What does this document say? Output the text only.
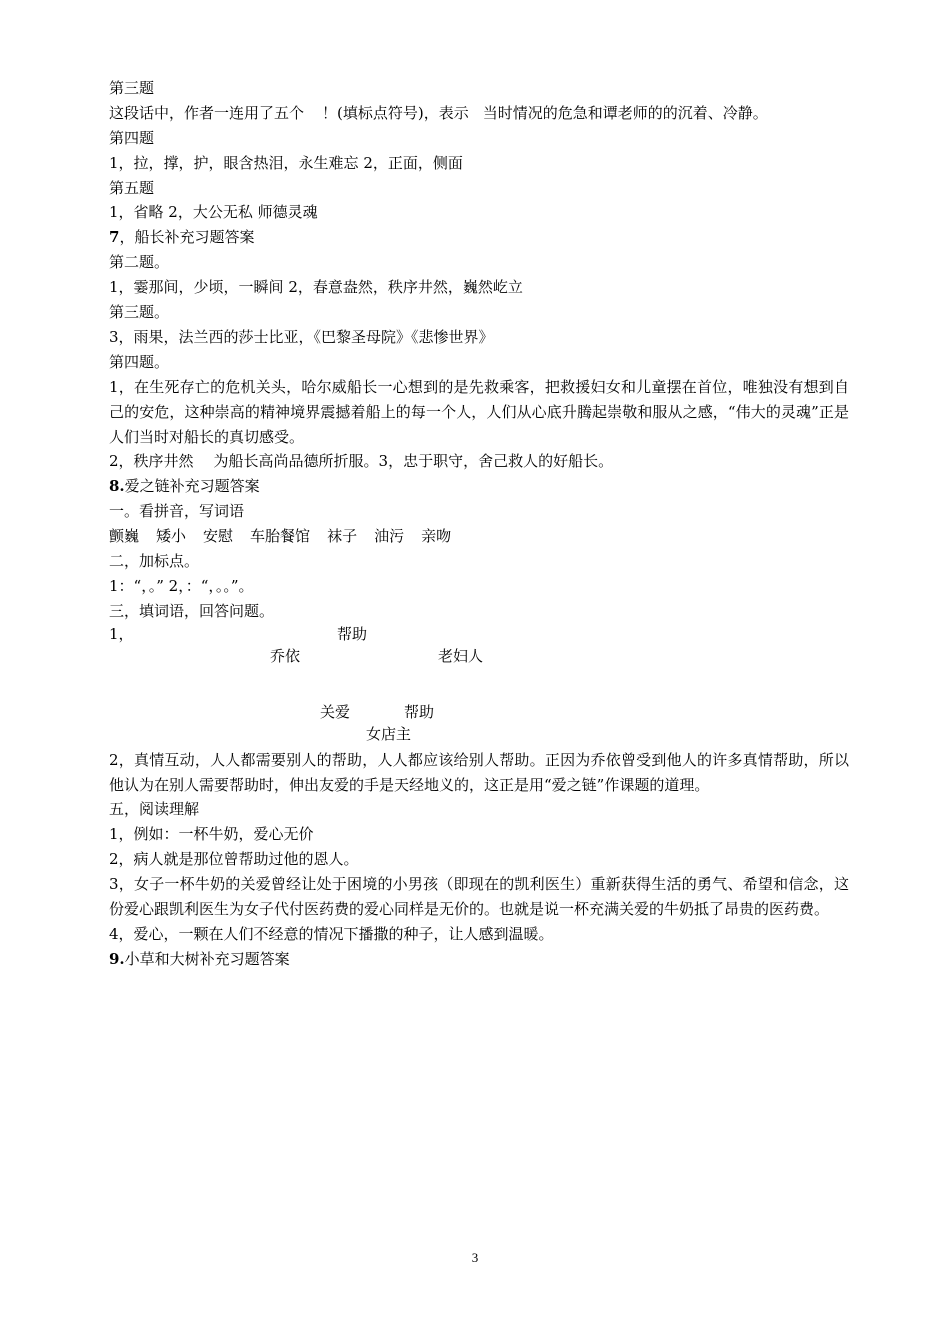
第三题
这段话中，作者一连用了五个 ！(填标点符号)，表示 当时情况的危急和谭老师的的沉着、冷静。
第四题
1，拉，撑，护，眼含热泪，永生难忘 2，正面，侧面
第五题
1，省略 2，大公无私 师德灵魂
7，船长补充习题答案
第二题。
1，霎那间，少顷，一瞬间 2，春意盎然，秩序井然，巍然屹立
第三题。
3，雨果，法兰西的莎士比亚，《巴黎圣母院》《悲惨世界》
第四题。
1，在生死存亡的危机关头，哈尔威船长一心想到的是先救乘客，把救援妇女和儿童摆在首位，唯独没有想到自己的安危，这种崇高的精神境界震撼着船上的每一个人，人们从心底升腾起崇敬和服从之感，“伟大的灵魂”正是人们当时对船长的真切感受。
2，秩序井然 为船长高尚品德所折服。3，忠于职守，舍己救人的好船长。
8.爱之链补充习题答案
一。看拼音，写词语
颤巍 矮小 安慰 车胎餐馆 袜子 油污 亲吻
二，加标点。
1：“，。” 2，：“，。。”。
三，填词语，回答问题。
1，	帮助
乔依	老妇人
关爱	帮助
女店主
2，真情互动，人人都需要别人的帮助，人人都应该给别人帮助。正因为乔依曾受到他人的许多真情帮助，所以他认为在别人需要帮助时，伸出友爱的手是天经地义的，这正是用“爱之链”作课题的道理。
五，阅读理解
1，例如：一杯牛奶，爱心无价
2，病人就是那位曾帮助过他的恩人。
3，女子一杯牛奶的关爱曾经让处于困境的小男孩（即现在的凯利医生）重新获得生活的勇气、希望和信念，这份爱心跟凯利医生为女子代付医药费的爱心同样是无价的。也就是说一杯充满关爱的牛奶抵了昂贵的医药费。
4，爱心，一颗在人们不经意的情况下播撒的种子，让人感到温暖。
9.小草和大树补充习题答案
3
